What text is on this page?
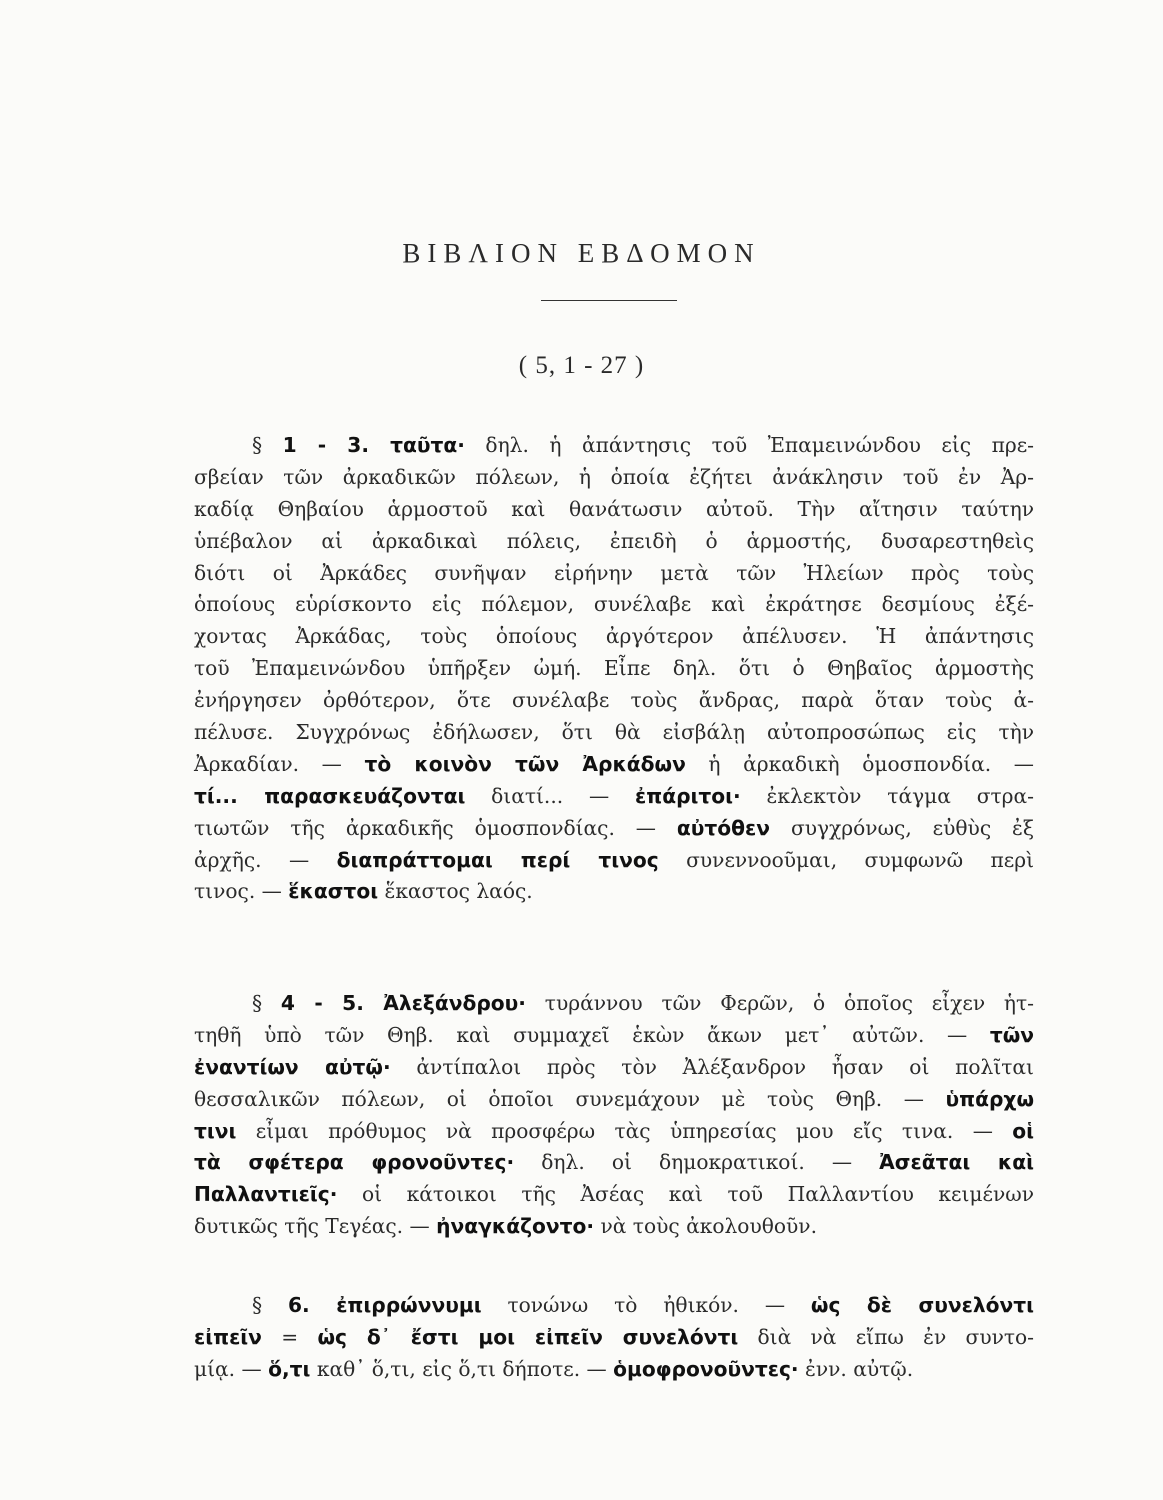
ΒΙΒΛΙΟΝ ΕΒΔΟΜΟΝ
( 5, 1 - 27 )
§ 1 - 3. ταῦτα· δηλ. ἡ ἀπάντησις τοῦ Ἐπαμεινώνδου εἰς πρε-
σβείαν τῶν ἀρκαδικῶν πόλεων, ἡ ὁποία ἐζήτει ἀνάκλησιν τοῦ ἐν Ἀρ-
καδίᾳ Θηβαίου ἁρμοστοῦ καὶ θανάτωσιν αὐτοῦ. Τὴν αἴτησιν ταύτην
ὑπέβαλον αἱ ἀρκαδικαὶ πόλεις, ἐπειδὴ ὁ ἁρμοστής, δυσαρεστηθεὶς
διότι οἱ Ἀρκάδες συνῆψαν εἰρήνην μετὰ τῶν Ἠλείων πρὸς τοὺς
ὁποίους εὑρίσκοντο εἰς πόλεμον, συνέλαβε καὶ ἐκράτησε δεσμίους ἐξέ-
χοντας Ἀρκάδας, τοὺς ὁποίους ἀργότερον ἀπέλυσεν. Ἡ ἀπάντησις
τοῦ Ἐπαμεινώνδου ὑπῆρξεν ὠμή. Εἶπε δηλ. ὅτι ὁ Θηβαῖος ἁρμοστὴς
ἐνήργησεν ὀρθότερον, ὅτε συνέλαβε τοὺς ἄνδρας, παρὰ ὅταν τοὺς ἀ-
πέλυσε. Συγχρόνως ἐδήλωσεν, ὅτι θὰ εἰσβάλῃ αὐτοπροσώπως εἰς τὴν
Ἀρκαδίαν. — τὸ κοινὸν τῶν Ἀρκάδων ἡ ἀρκαδικὴ ὁμοσπονδία. —
τί... παρασκευάζονται διατί... — ἐπάριτοι· ἐκλεκτὸν τάγμα στρα-
τιωτῶν τῆς ἀρκαδικῆς ὁμοσπονδίας. — αὐτόθεν συγχρόνως, εὐθὺς ἐξ
ἀρχῆς. — διαπράττομαι περί τινος συνεννοοῦμαι, συμφωνῶ περὶ
τινος. — ἕκαστοι ἕκαστος λαός.
§ 4 - 5. Ἀλεξάνδρου· τυράννου τῶν Φερῶν, ὁ ὁποῖος εἶχεν ἡτ-
τηθῆ ὑπὸ τῶν Θηβ. καὶ συμμαχεῖ ἑκὼν ἄκων μετ᾽ αὐτῶν. — τῶν
ἐναντίων αὐτῷ· ἀντίπαλοι πρὸς τὸν Ἀλέξανδρον ἦσαν οἱ πολῖται
θεσσαλικῶν πόλεων, οἱ ὁποῖοι συνεμάχουν μὲ τοὺς Θηβ. — ὑπάρχω
τινι εἶμαι πρόθυμος νὰ προσφέρω τὰς ὑπηρεσίας μου εἴς τινα. — οἱ
τὰ σφέτερα φρονοῦντες· δηλ. οἱ δημοκρατικοί. — Ἀσεᾶται καὶ
Παλλαντιεῖς· οἱ κάτοικοι τῆς Ἀσέας καὶ τοῦ Παλλαντίου κειμένων
δυτικῶς τῆς Τεγέας. — ἠναγκάζοντο· νὰ τοὺς ἀκολουθοῦν.
§ 6. ἐπιρρώννυμι τονώνω τὸ ἠθικόν. — ὡς δὲ συνελόντι
εἰπεῖν = ὡς δ᾽ ἔστι μοι εἰπεῖν συνελόντι διὰ νὰ εἴπω ἐν συντο-
μίᾳ. — ὅ,τι καθ᾽ ὅ,τι, εἰς ὅ,τι δήποτε. — ὁμοφρονοῦντες· ἐνν. αὐτῷ.
